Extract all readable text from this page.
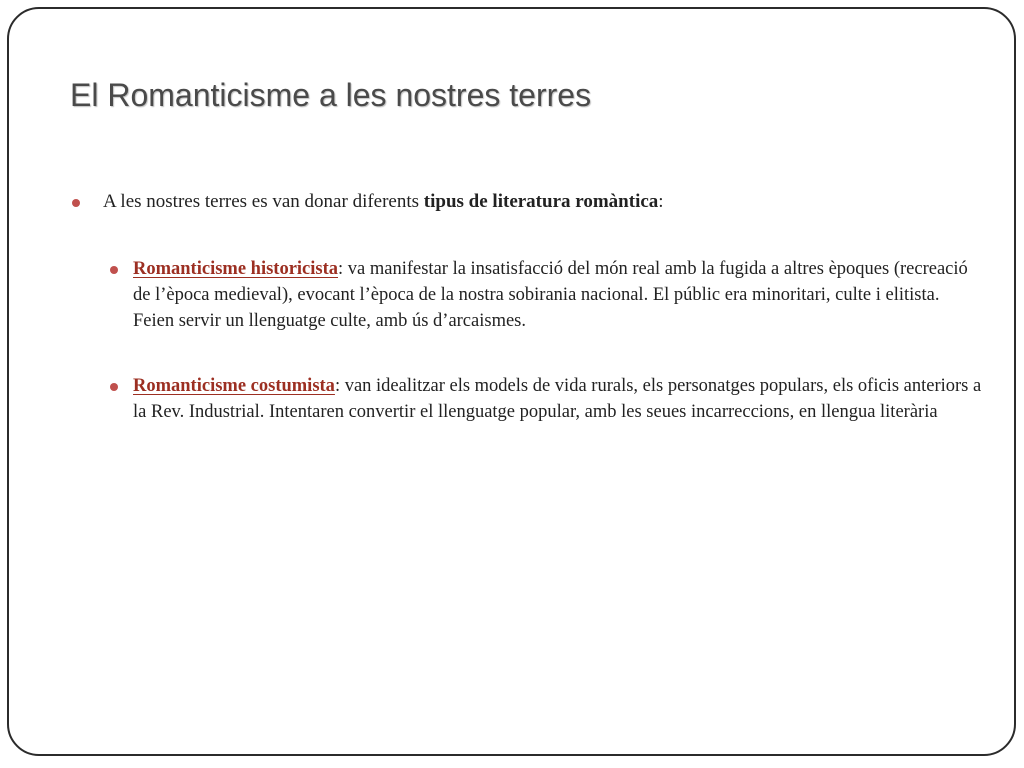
El Romanticisme a les nostres terres
A les nostres terres es van donar diferents tipus de literatura romàntica:
Romanticisme historicista: va manifestar la insatisfacció del món real amb la fugida a altres èpoques (recreació de l’època medieval), evocant l’època de la nostra sobirania nacional. El públic era minoritari, culte i elitista. Feien servir un llenguatge culte, amb ús d’arcaismes.
Romanticisme costumista: van idealitzar els models de vida rurals, els personatges populars, els oficis anteriors a la Rev. Industrial. Intentaren convertir el llenguatge popular, amb les seues incarreccions, en llengua literària
